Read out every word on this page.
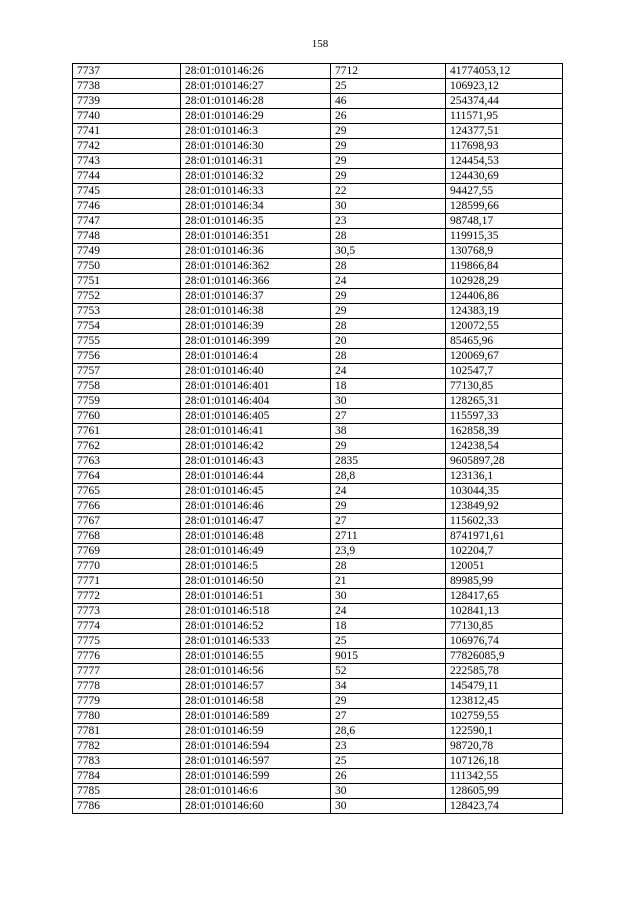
158
7737	28:01:010146:26	7712	41774053,12
7738	28:01:010146:27	25	106923,12
7739	28:01:010146:28	46	254374,44
7740	28:01:010146:29	26	111571,95
7741	28:01:010146:3	29	124377,51
7742	28:01:010146:30	29	117698,93
7743	28:01:010146:31	29	124454,53
7744	28:01:010146:32	29	124430,69
7745	28:01:010146:33	22	94427,55
7746	28:01:010146:34	30	128599,66
7747	28:01:010146:35	23	98748,17
7748	28:01:010146:351	28	119915,35
7749	28:01:010146:36	30,5	130768,9
7750	28:01:010146:362	28	119866,84
7751	28:01:010146:366	24	102928,29
7752	28:01:010146:37	29	124406,86
7753	28:01:010146:38	29	124383,19
7754	28:01:010146:39	28	120072,55
7755	28:01:010146:399	20	85465,96
7756	28:01:010146:4	28	120069,67
7757	28:01:010146:40	24	102547,7
7758	28:01:010146:401	18	77130,85
7759	28:01:010146:404	30	128265,31
7760	28:01:010146:405	27	115597,33
7761	28:01:010146:41	38	162858,39
7762	28:01:010146:42	29	124238,54
7763	28:01:010146:43	2835	9605897,28
7764	28:01:010146:44	28,8	123136,1
7765	28:01:010146:45	24	103044,35
7766	28:01:010146:46	29	123849,92
7767	28:01:010146:47	27	115602,33
7768	28:01:010146:48	2711	8741971,61
7769	28:01:010146:49	23,9	102204,7
7770	28:01:010146:5	28	120051
7771	28:01:010146:50	21	89985,99
7772	28:01:010146:51	30	128417,65
7773	28:01:010146:518	24	102841,13
7774	28:01:010146:52	18	77130,85
7775	28:01:010146:533	25	106976,74
7776	28:01:010146:55	9015	77826085,9
7777	28:01:010146:56	52	222585,78
7778	28:01:010146:57	34	145479,11
7779	28:01:010146:58	29	123812,45
7780	28:01:010146:589	27	102759,55
7781	28:01:010146:59	28,6	122590,1
7782	28:01:010146:594	23	98720,78
7783	28:01:010146:597	25	107126,18
7784	28:01:010146:599	26	111342,55
7785	28:01:010146:6	30	128605,99
7786	28:01:010146:60	30	128423,74
